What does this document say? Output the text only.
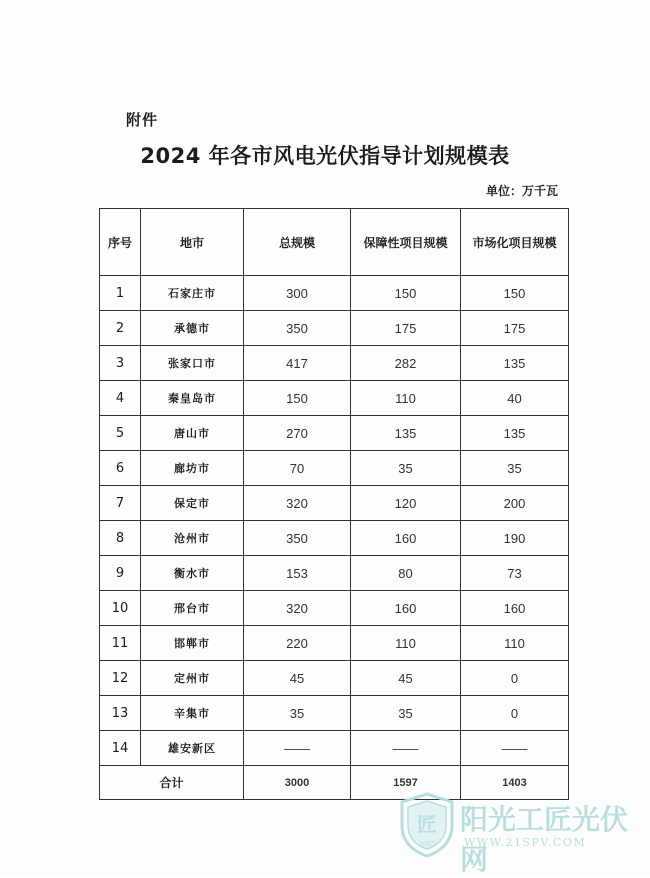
附件
2024 年各市风电光伏指导计划规模表
单位：万千瓦
序号	地市	总规模	保障性项目规模	市场化项目规模
1	石家庄市	300	150	150
2	承德市	350	175	175
3	张家口市	417	282	135
4	秦皇岛市	150	110	40
5	唐山市	270	135	135
6	廊坊市	70	35	35
7	保定市	320	120	200
8	沧州市	350	160	190
9	衡水市	153	80	73
10	邢台市	320	160	160
11	邯郸市	220	110	110
12	定州市	45	45	0
13	辛集市	35	35	0
14	雄安新区	——	——	——
合计		3000	1597	1403
匠
2003
阳光工匠光伏网
WWW.21SPV.COM
